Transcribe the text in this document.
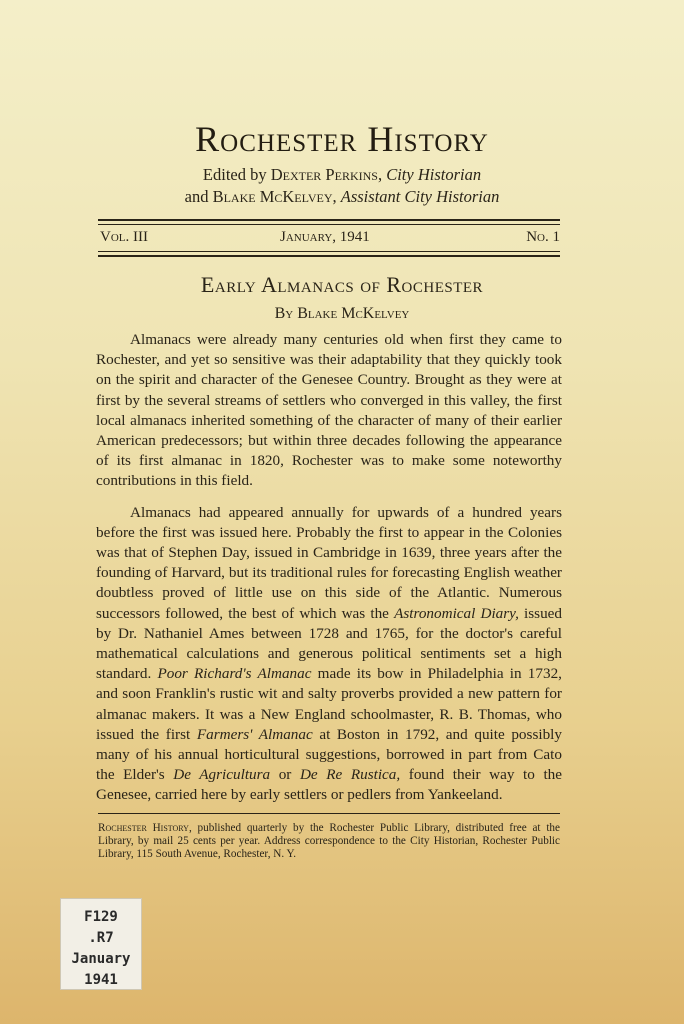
Rochester History
Edited by Dexter Perkins, City Historian
and Blake McKelvey, Assistant City Historian
Vol. III	January, 1941	No. 1
Early Almanacs of Rochester
By Blake McKelvey

Almanacs were already many centuries old when first they came to Rochester, and yet so sensitive was their adaptability that they quickly took on the spirit and character of the Genesee Country. Brought as they were at first by the several streams of settlers who converged in this valley, the first local almanacs inherited something of the character of many of their earlier American predecessors; but within three decades following the appearance of its first almanac in 1820, Rochester was to make some noteworthy contributions in this field.

Almanacs had appeared annually for upwards of a hundred years before the first was issued here. Probably the first to appear in the Colonies was that of Stephen Day, issued in Cambridge in 1639, three years after the founding of Harvard, but its traditional rules for forecasting English weather doubtless proved of little use on this side of the Atlantic. Numerous successors followed, the best of which was the Astronomical Diary, issued by Dr. Nathaniel Ames between 1728 and 1765, for the doctor's careful mathematical calculations and generous political sentiments set a high standard. Poor Richard's Almanac made its bow in Philadelphia in 1732, and soon Franklin's rustic wit and salty proverbs provided a new pattern for almanac makers. It was a New England schoolmaster, R. B. Thomas, who issued the first Farmers' Almanac at Boston in 1792, and quite possibly many of his annual horticultural suggestions, borrowed in part from Cato the Elder's De Agricultura or De Re Rustica, found their way to the Genesee, carried here by early settlers or pedlers from Yankeeland.

Rochester History, published quarterly by the Rochester Public Library, distributed free at the Library, by mail 25 cents per year. Address correspondence to the City Historian, Rochester Public Library, 115 South Avenue, Rochester, N. Y.
F129
.R7
January
1941
